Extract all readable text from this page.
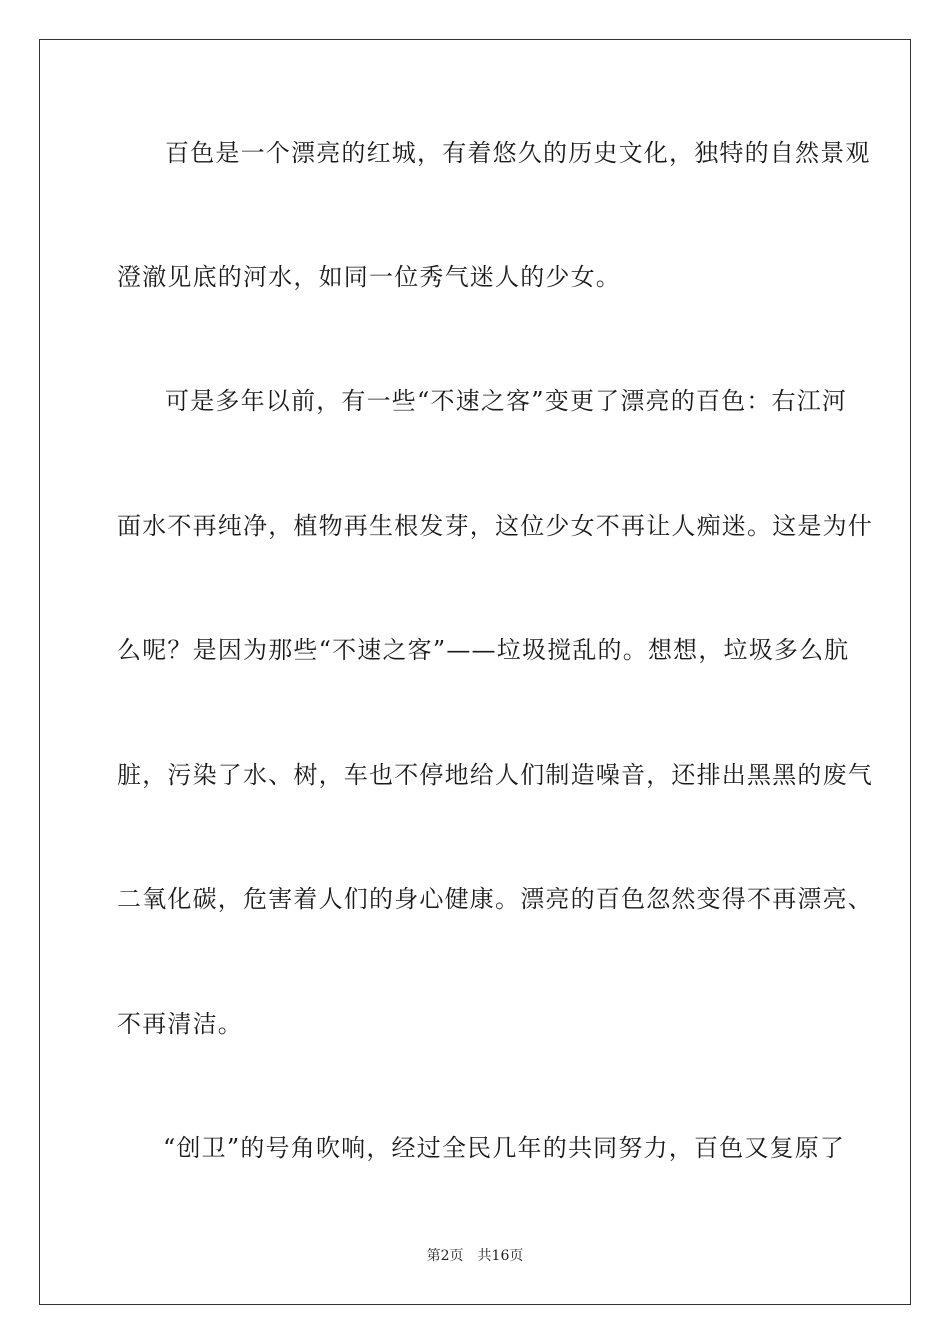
百色是一个漂亮的红城，有着悠久的历史文化，独特的自然景观
澄澈见底的河水，如同一位秀气迷人的少女。
可是多年以前，有一些“不速之客”变更了漂亮的百色：右江河
面水不再纯净，植物再生根发芽，这位少女不再让人痴迷。这是为什
么呢？是因为那些“不速之客”——垃圾搅乱的。想想，垃圾多么肮
脏，污染了水、树，车也不停地给人们制造噪音，还排出黑黑的废气
二氧化碳，危害着人们的身心健康。漂亮的百色忽然变得不再漂亮、
不再清洁。
“创卫”的号角吹响，经过全民几年的共同努力，百色又复原了
第2页 共16页
